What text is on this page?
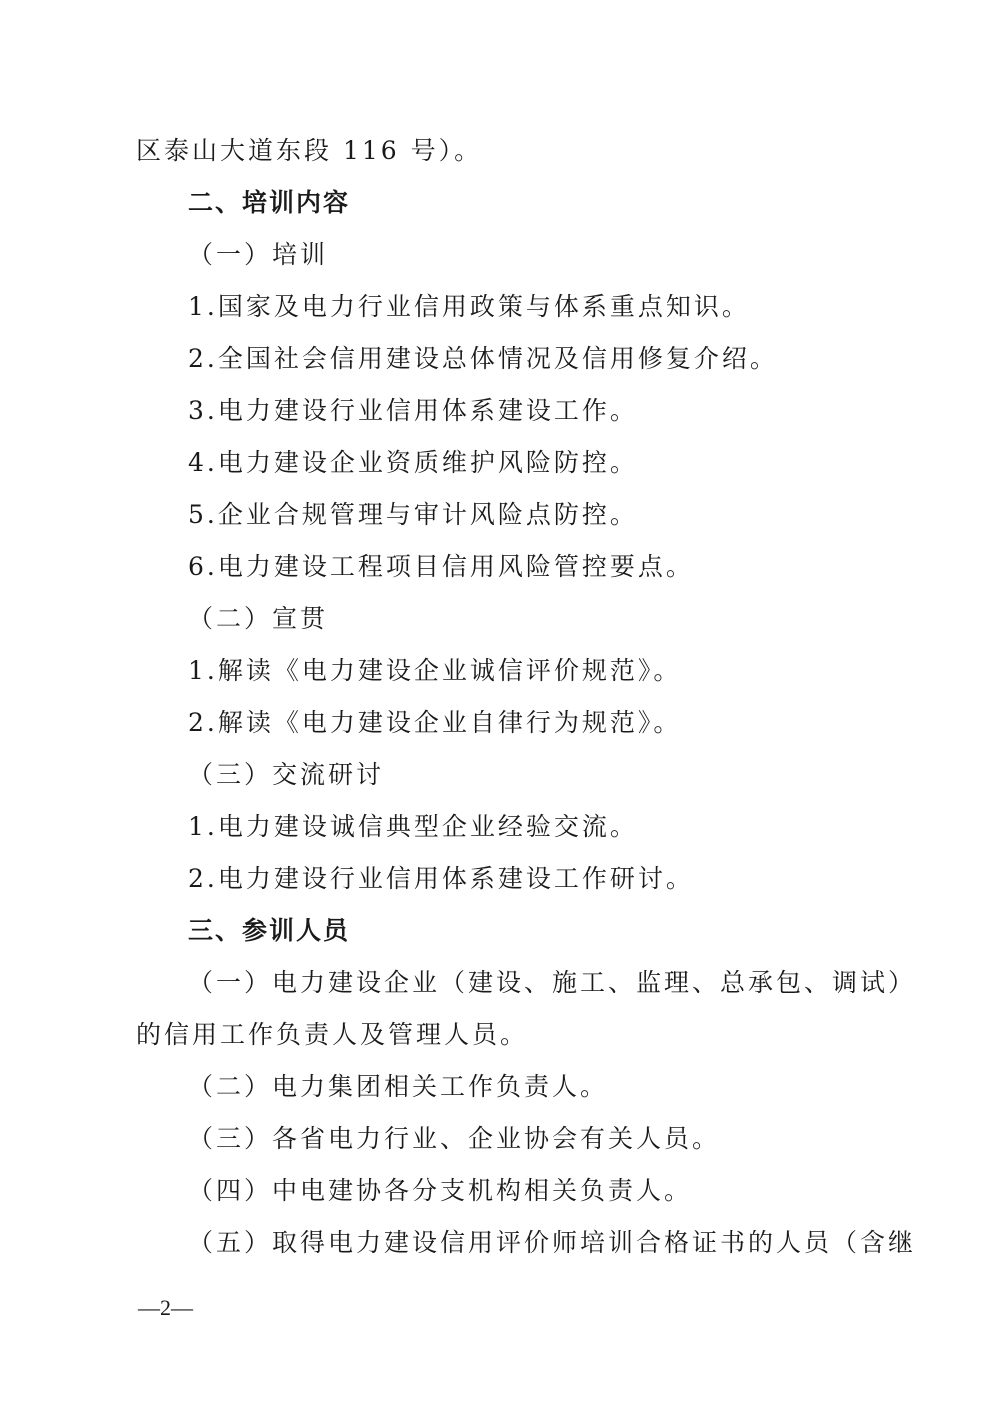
区泰山大道东段 116 号）。
二、培训内容
（一）培训
1.国家及电力行业信用政策与体系重点知识。
2.全国社会信用建设总体情况及信用修复介绍。
3.电力建设行业信用体系建设工作。
4.电力建设企业资质维护风险防控。
5.企业合规管理与审计风险点防控。
6.电力建设工程项目信用风险管控要点。
（二）宣贯
1.解读《电力建设企业诚信评价规范》。
2.解读《电力建设企业自律行为规范》。
（三）交流研讨
1.电力建设诚信典型企业经验交流。
2.电力建设行业信用体系建设工作研讨。
三、参训人员
（一）电力建设企业（建设、施工、监理、总承包、调试）
的信用工作负责人及管理人员。
（二）电力集团相关工作负责人。
（三）各省电力行业、企业协会有关人员。
（四）中电建协各分支机构相关负责人。
（五）取得电力建设信用评价师培训合格证书的人员（含继
—2—
